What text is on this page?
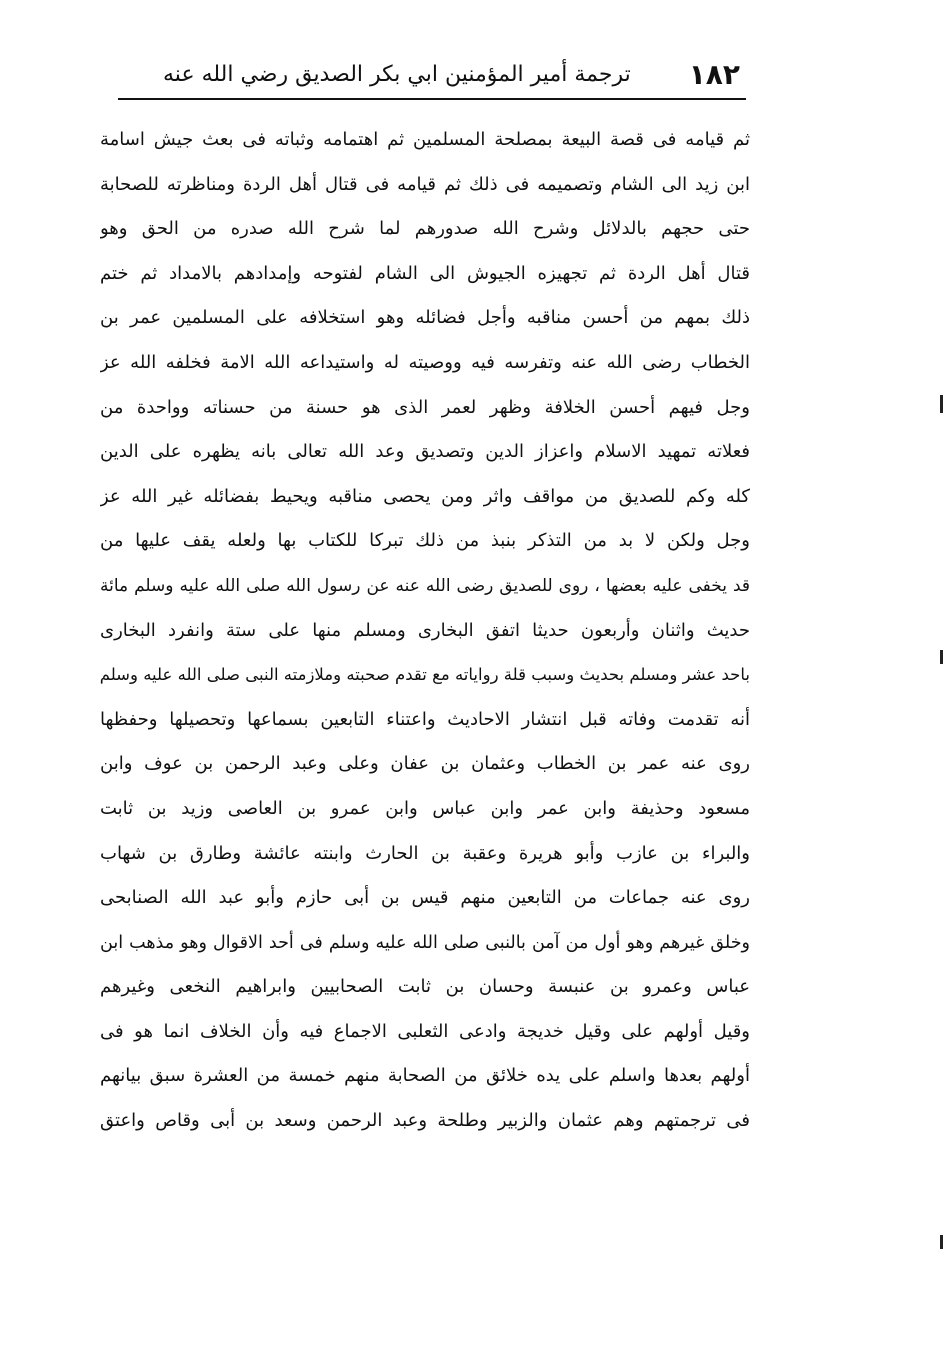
١٨٢
ترجمة أمير المؤمنين ابي بكر الصديق رضي الله عنه
ثم قيامه فى قصة البيعة بمصلحة المسلمين ثم اهتمامه وثباته فى بعث جيش اسامة
ابن زيد الى الشام وتصميمه فى ذلك ثم قيامه فى قتال أهل الردة ومناظرته للصحابة
حتى حجهم بالدلائل وشرح الله صدورهم لما شرح الله صدره من الحق وهو
قتال أهل الردة ثم تجهيزه الجيوش الى الشام لفتوحه وإمدادهم بالامداد ثم ختم
ذلك بمهم من أحسن مناقبه وأجل فضائله وهو استخلافه على المسلمين عمر بن
الخطاب رضى الله عنه وتفرسه فيه ووصيته له واستيداعه الله الامة فخلفه الله عز
وجل فيهم أحسن الخلافة وظهر لعمر الذى هو حسنة من حسناته وواحدة من
فعلاته تمهيد الاسلام واعزاز الدين وتصديق وعد الله تعالى بانه يظهره على الدين
كله وكم للصديق من مواقف واثر ومن يحصى مناقبه ويحيط بفضائله غير الله عز
وجل ولكن لا بد من التذكر بنبذ من ذلك تبركا للكتاب بها ولعله يقف عليها من
قد يخفى عليه بعضها ، روى للصديق رضى الله عنه عن رسول الله صلى الله عليه وسلم مائة
حديث واثنان وأربعون حديثا اتفق البخارى ومسلم منها على ستة وانفرد البخارى
باحد عشر ومسلم بحديث وسبب قلة رواياته مع تقدم صحبته وملازمته النبى صلى الله عليه وسلم
أنه تقدمت وفاته قبل انتشار الاحاديث واعتناء التابعين بسماعها وتحصيلها وحفظها
روى عنه عمر بن الخطاب وعثمان بن عفان وعلى وعبد الرحمن بن عوف وابن
مسعود وحذيفة وابن عمر وابن عباس وابن عمرو بن العاصى وزيد بن ثابت
والبراء بن عازب وأبو هريرة وعقبة بن الحارث وابنته عائشة وطارق بن شهاب
روى عنه جماعات من التابعين منهم قيس بن أبى حازم وأبو عبد الله الصنابحى
وخلق غيرهم وهو أول من آمن بالنبى صلى الله عليه وسلم فى أحد الاقوال وهو مذهب ابن
عباس وعمرو بن عنبسة وحسان بن ثابت الصحابيين وابراهيم النخعى وغيرهم
وقيل أولهم على وقيل خديجة وادعى الثعلبى الاجماع فيه وأن الخلاف انما هو فى
أولهم بعدها واسلم على يده خلائق من الصحابة منهم خمسة من العشرة سبق بيانهم
فى ترجمتهم وهم عثمان والزبير وطلحة وعبد الرحمن وسعد بن أبى وقاص واعتق
